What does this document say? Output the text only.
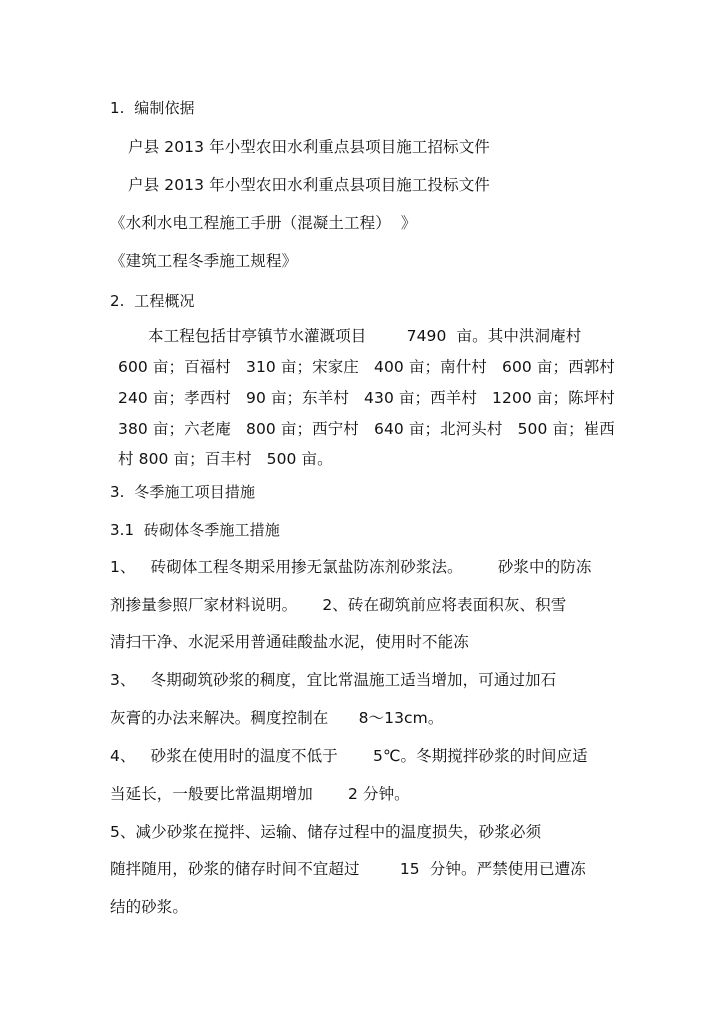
1.  编制依据
户县 2013 年小型农田水利重点县项目施工招标文件
户县 2013 年小型农田水利重点县项目施工投标文件
《水利水电工程施工手册（混凝土工程）  》
《建筑工程冬季施工规程》
2.  工程概况
本工程包括甘亭镇节水灌溉项目        7490  亩。其中洪洞庵村
600 亩；百福村   310 亩；宋家庄   400 亩；南什村   600 亩；西郭村
240 亩；孝西村   90 亩；东羊村   430 亩；西羊村   1200 亩；陈坪村
380 亩；六老庵   800 亩；西宁村   640 亩；北河头村   500 亩；崔西
村 800 亩；百丰村   500 亩。
3.  冬季施工项目措施
3.1  砖砌体冬季施工措施
1、   砖砌体工程冬期采用掺无氯盐防冻剂砂浆法。       砂浆中的防冻
剂掺量参照厂家材料说明。     2、砖在砌筑前应将表面积灰、积雪
清扫干净、水泥采用普通硅酸盐水泥，使用时不能冻
3、   冬期砌筑砂浆的稠度，宜比常温施工适当增加，可通过加石
灰膏的办法来解决。稠度控制在      8～13cm。
4、   砂浆在使用时的温度不低于       5℃。冬期搅拌砂浆的时间应适
当延长，一般要比常温期增加       2 分钟。
5、减少砂浆在搅拌、运输、储存过程中的温度损失，砂浆必须
随拌随用，砂浆的储存时间不宜超过        15  分钟。严禁使用已遭冻
结的砂浆。
